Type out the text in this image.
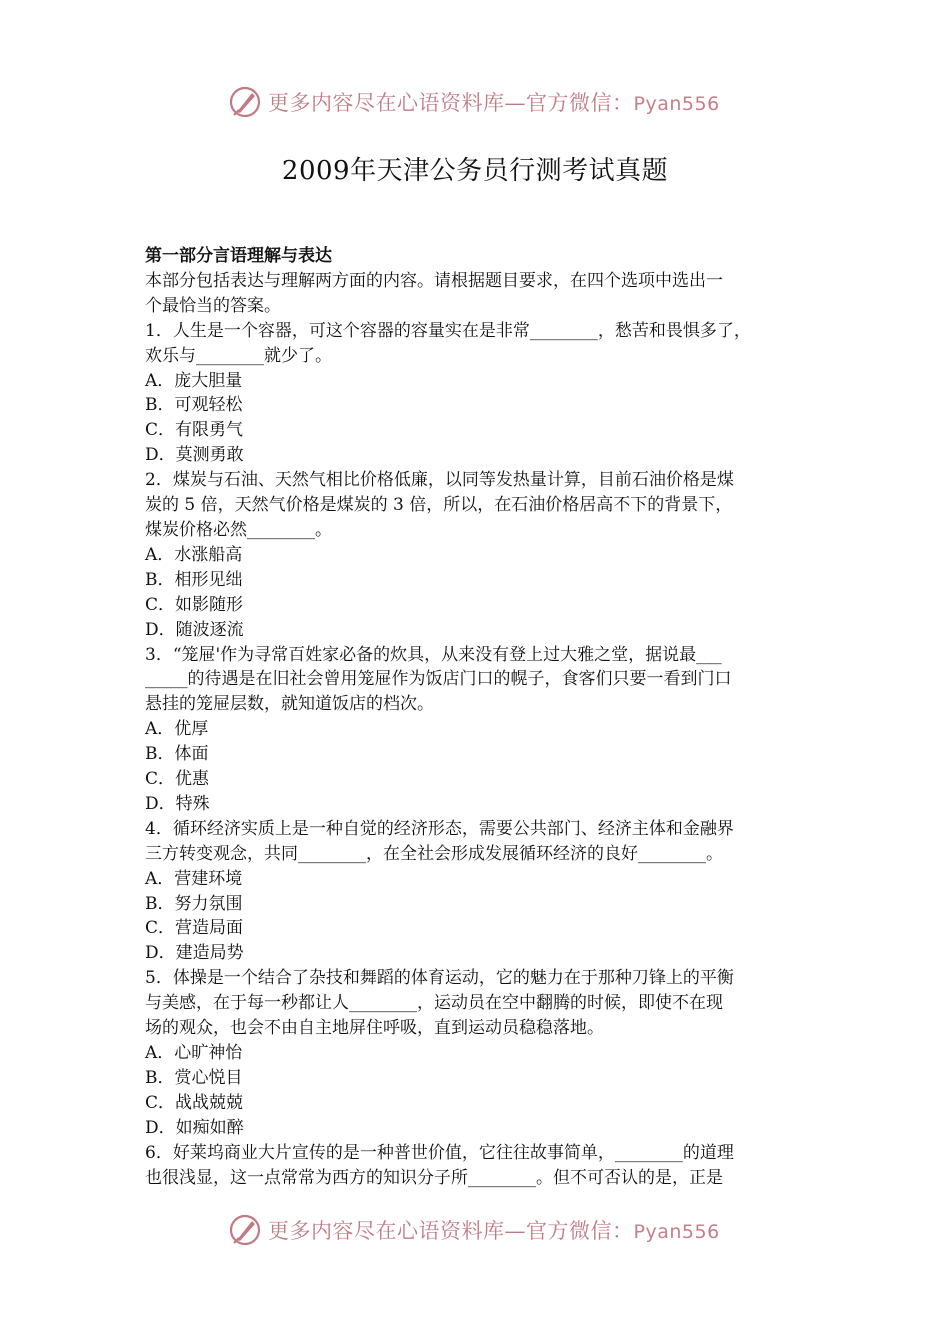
更多内容尽在心语资料库—官方微信：Pyan556
2009年天津公务员行测考试真题

第一部分言语理解与表达

本部分包括表达与理解两方面的内容。请根据题目要求，在四个选项中选出一

个最恰当的答案。

1．人生是一个容器，可这个容器的容量实在是非常________，愁苦和畏惧多了，

欢乐与________就少了。

A．庞大胆量

B．可观轻松

C．有限勇气

D．莫测勇敢

2．煤炭与石油、天然气相比价格低廉，以同等发热量计算，目前石油价格是煤

炭的 5 倍，天然气价格是煤炭的 3 倍，所以，在石油价格居高不下的背景下，

煤炭价格必然________。

A．水涨船高

B．相形见绌

C．如影随形

D．随波逐流

3．“笼屉'作为寻常百姓家必备的炊具，从来没有登上过大雅之堂，据说最___

_____的待遇是在旧社会曾用笼屉作为饭店门口的幌子，食客们只要一看到门口

悬挂的笼屉层数，就知道饭店的档次。

A．优厚

B．体面

C．优惠

D．特殊

4．循环经济实质上是一种自觉的经济形态，需要公共部门、经济主体和金融界

三方转变观念，共同________，在全社会形成发展循环经济的良好________。

A．营建环境

B．努力氛围

C．营造局面

D．建造局势

5．体操是一个结合了杂技和舞蹈的体育运动，它的魅力在于那种刀锋上的平衡

与美感，在于每一秒都让人________，运动员在空中翻腾的时候，即使不在现

场的观众，也会不由自主地屏住呼吸，直到运动员稳稳落地。

A．心旷神怡

B．赏心悦目

C．战战兢兢

D．如痴如醉

6．好莱坞商业大片宣传的是一种普世价值，它往往故事简单，________的道理

也很浅显，这一点常常为西方的知识分子所________。但不可否认的是，正是

更多内容尽在心语资料库—官方微信：Pyan556
